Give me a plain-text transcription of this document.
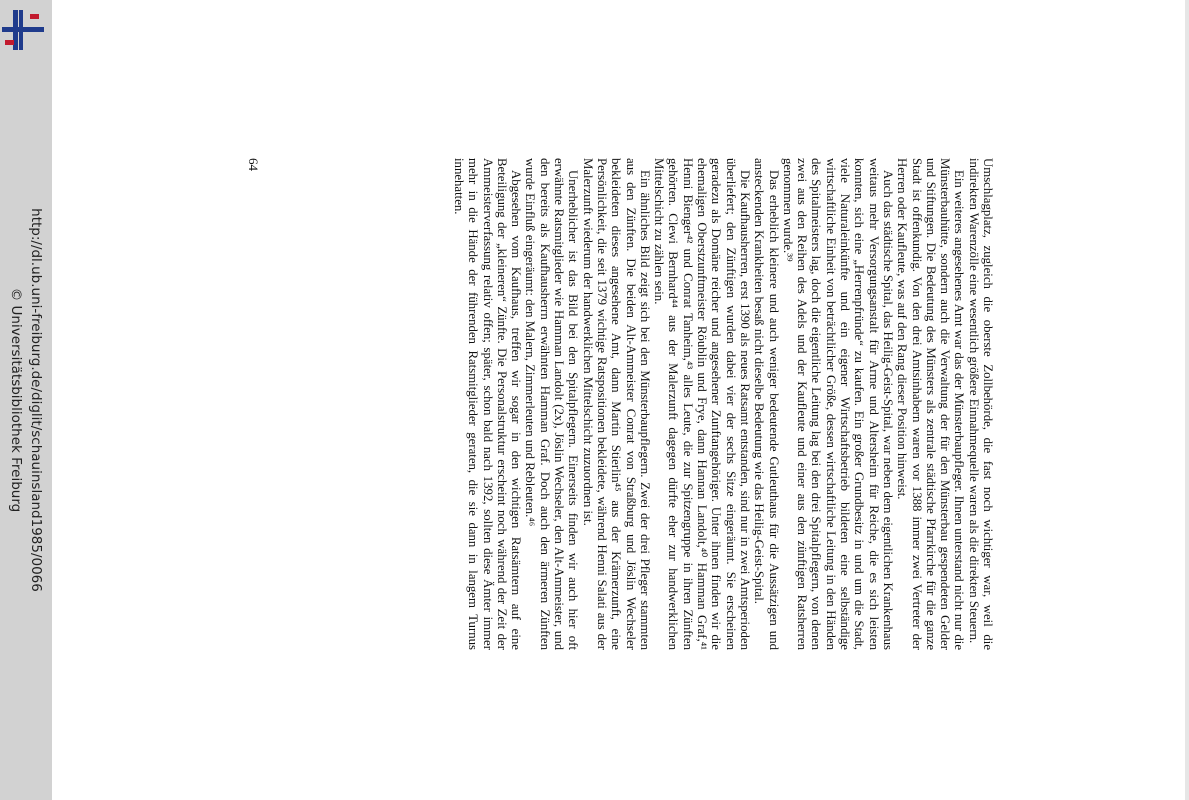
http://dl.ub.uni-freiburg.de/diglit/schauinsland1985/0066
© Universitätsbibliothek Freiburg	Umschlagplatz, zugleich die oberste Zollbehörde, die fast noch wichtiger war, weil die indirekten Warenzölle eine wesentlich größere Einnahmequelle waren als die direkten Steuern.

Ein weiteres angesehenes Amt war das der Münsterbaupfleger. Ihnen unterstand nicht nur die Münsterbauhütte, sondern auch die Verwaltung der für den Münsterbau gespendeten Gelder und Stiftungen. Die Bedeutung des Münsters als zentrale städtische Pfarrkirche für die ganze Stadt ist offenkundig. Von den drei Amtsinhabern waren vor 1388 immer zwei Vertreter der Herren oder Kaufleute, was auf den Rang dieser Position hinweist.

Auch das städtische Spital, das Heilig-Geist-Spital, war neben dem eigentlichen Krankenhaus weitaus mehr Versorgungsanstalt für Arme und Altersheim für Reiche, die es sich leisten konnten, sich eine „Herrenpfründe“ zu kaufen. Ein großer Grundbesitz in und um die Stadt, viele Naturaleinkünfte und ein eigener Wirtschaftsbetrieb bildeten eine selbständige wirtschaftliche Einheit von beträchtlicher Größe, dessen wirtschaftliche Leitung in den Händen des Spitalmeisters lag, doch die eigentliche Leitung lag bei den drei Spitalpflegern, von denen zwei aus den Reihen des Adels und der Kaufleute und einer aus den zünftigen Ratsherren genommen wurde.³⁹

Das erheblich kleinere und auch weniger bedeutende Gutleuthaus für die Aussätzigen und ansteckenden Krankheiten besaß nicht dieselbe Bedeutung wie das Heilig-Geist-Spital.

Die Kaufhausherren, erst 1390 als neues Ratsamt entstanden, sind nur in zwei Amtsperioden überliefert; den Zünftigen wurden dabei vier der sechs Sitze eingeräumt. Sie erscheinen geradezu als Domäne reicher und angesehener Zunftangehöriger. Unter ihnen finden wir die ehemaligen Oberstzunftmeister Röublin und Frye, dann Hannan Landolt,⁴⁰ Hamman Graf,⁴¹ Henni Bienger⁴² und Conrat Tanheim,⁴³ alles Leute, die zur Spitzengruppe in ihren Zünften gehörten. Clewi Bernhard⁴⁴ aus der Malerzunft dagegen dürfte eher zur handwerklichen Mittelschicht zu zählen sein.

Ein ähnliches Bild zeigt sich bei den Münsterbaupflegern. Zwei der drei Pfleger stammten aus den Zünften. Die beiden Alt-Ammeister Conrat von Straßburg und Jöslin Wechseler bekleideten dieses angesehene Amt, dann Martin Stierlin⁴⁵ aus der Krämerzunft, eine Persönlichkeit, die seit 1379 wichtige Ratspositionen bekleidete, während Henni Salati aus der Malerzunft wiederum der handwerklichen Mittelschicht zuzuordnen ist.

Unerheblicher ist das Bild bei den Spitalpflegern. Einerseits finden wir auch hier oft erwähnte Ratsmitglieder wie Hamman Landolt (2x), Jöslin Wechseler, den Alt-Ammeister, und den bereits als Kaufhausherrn erwähnten Hamman Graf. Doch auch den ärmeren Zünften wurde Einfluß eingeräumt: den Malern, Zimmerleuten und Rebleuten.⁴⁶

Abgesehen vom Kaufhaus, treffen wir sogar in den wichtigen Ratsämtern auf eine Beteiligung der „kleineren“ Zünfte. Die Personalstruktur erscheint noch während der Zeit der Ammeisterverfassung relativ offen; später, schon bald nach 1392, sollten diese Ämter immer mehr in die Hände der führenden Ratsmitglieder geraten, die sie dann in langem Turnus innehatten.

64
